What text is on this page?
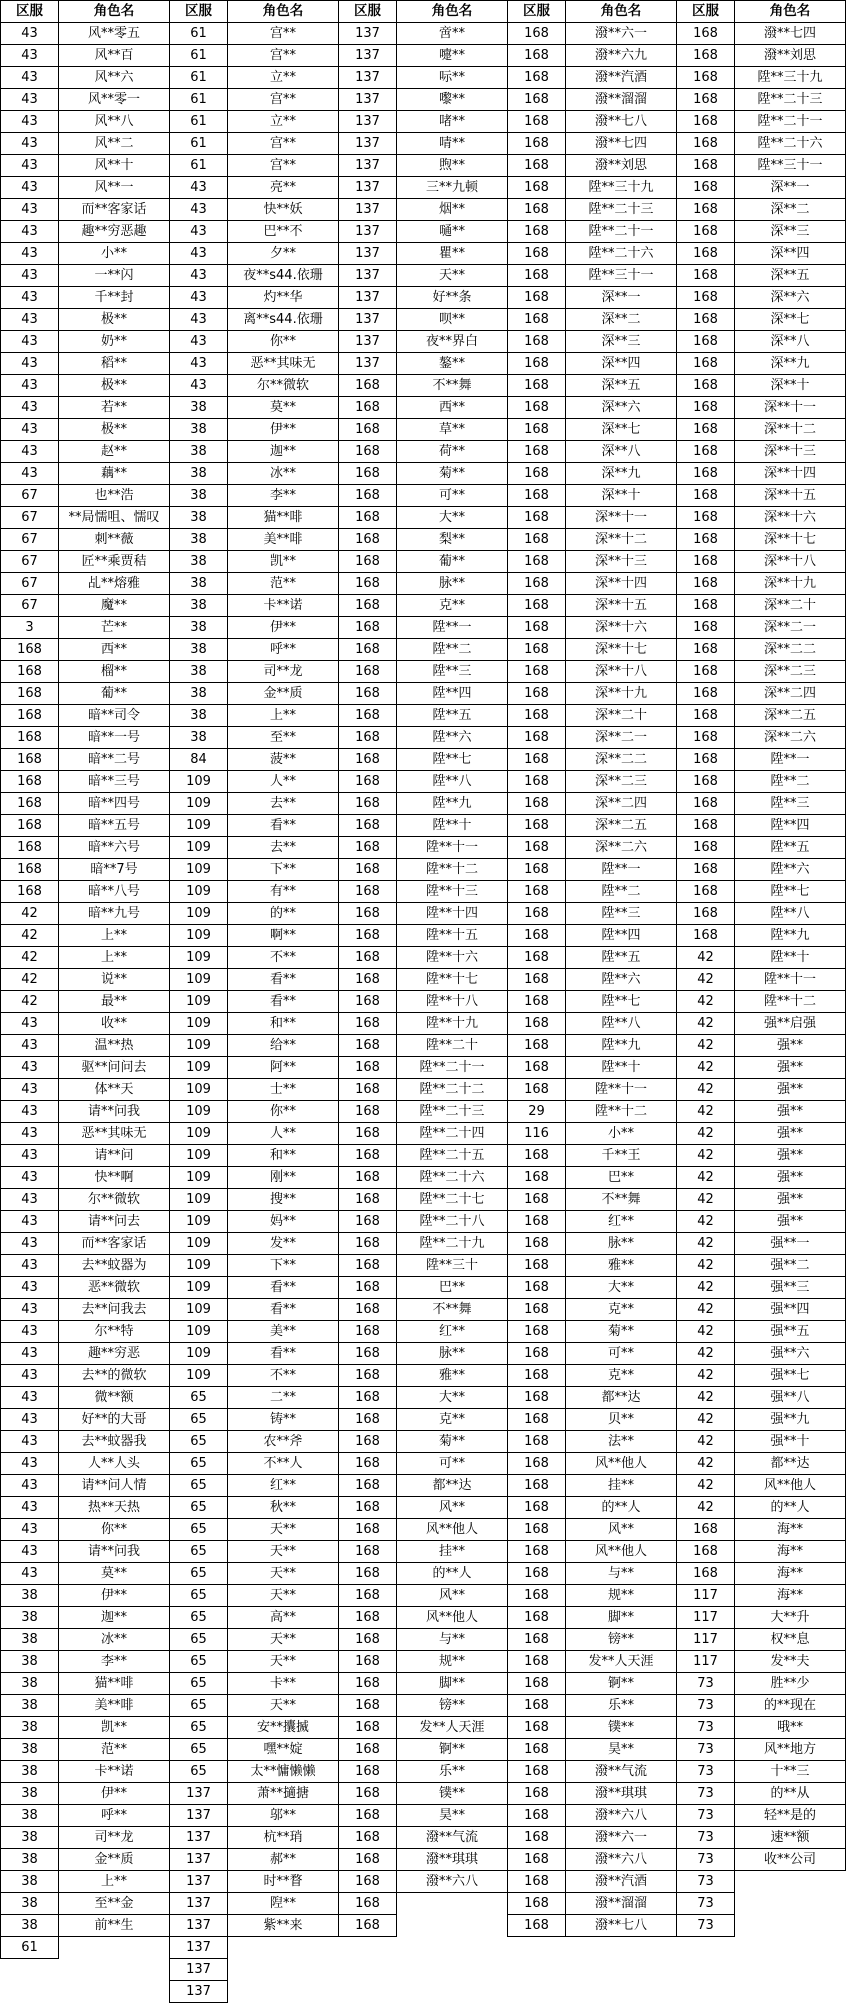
区服	角色名	区服	角色名	区服	角色名	区服	角色名	区服	角色名
43	风**零五	61	宫**	137	啻**	168	潑**六一	168	潑**七四
43	风**百	61	宫**	137	嚏**	168	潑**六九	168	潑**刘思
43	风**六	61	立**	137	呩**	168	潑**汽酒	168	陞**三十九
43	风**零一	61	宫**	137	嚟**	168	潑**溜溜	168	陞**二十三
43	风**八	61	立**	137	啫**	168	潑**七八	168	陞**二十一
43	风**二	61	宫**	137	啨**	168	潑**七四	168	陞**二十六
43	风**十	61	宫**	137	煦**	168	潑**刘思	168	陞**三十一
43	风**一	43	亮**	137	三**九顿	168	陞**三十九	168	深**一
43	而**客家话	43	快**妖	137	烟**	168	陞**二十三	168	深**二
43	趣**穷恶趣	43	巴**不	137	嗵**	168	陞**二十一	168	深**三
43	小**	43	夕**	137	瞿**	168	陞**二十六	168	深**四
43	一**闪	43	夜**s44.依珊	137	天**	168	陞**三十一	168	深**五
43	千**封	43	灼**华	137	好**条	168	深**一	168	深**六
43	极**	43	离**s44.依珊	137	呗**	168	深**二	168	深**七
43	奶**	43	你**	137	夜**界白	168	深**三	168	深**八
43	稻**	43	恶**其味无	137	鏊**	168	深**四	168	深**九
43	极**	43	尔**微软	168	不**舞	168	深**五	168	深**十
43	若**	38	莫**	168	西**	168	深**六	168	深**十一
43	极**	38	伊**	168	草**	168	深**七	168	深**十二
43	赵**	38	迦**	168	荷**	168	深**八	168	深**十三
43	藕**	38	冰**	168	菊**	168	深**九	168	深**十四
67	也**浩	38	李**	168	可**	168	深**十	168	深**十五
67	**局懦咀、懦叹	38	猫**啡	168	大**	168	深**十一	168	深**十六
67	刺**薇	38	美**啡	168	梨**	168	深**十二	168	深**十七
67	匠**乘贾秸	38	凯**	168	葡**	168	深**十三	168	深**十八
67	乩**熔雅	38	范**	168	脉**	168	深**十四	168	深**十九
67	魔**	38	卡**诺	168	克**	168	深**十五	168	深**二十
3	芒**	38	伊**	168	陞**一	168	深**十六	168	深**二一
168	西**	38	呼**	168	陞**二	168	深**十七	168	深**二二
168	榴**	38	司**龙	168	陞**三	168	深**十八	168	深**二三
168	葡**	38	金**质	168	陞**四	168	深**十九	168	深**二四
168	暗**司令	38	上**	168	陞**五	168	深**二十	168	深**二五
168	暗**一号	38	至**	168	陞**六	168	深**二一	168	深**二六
168	暗**二号	84	菠**	168	陞**七	168	深**二二	168	陞**一
168	暗**三号	109	人**	168	陞**八	168	深**二三	168	陞**二
168	暗**四号	109	去**	168	陞**九	168	深**二四	168	陞**三
168	暗**五号	109	看**	168	陞**十	168	深**二五	168	陞**四
168	暗**六号	109	去**	168	陞**十一	168	深**二六	168	陞**五
168	暗**7号	109	下**	168	陞**十二	168	陞**一	168	陞**六
168	暗**八号	109	有**	168	陞**十三	168	陞**二	168	陞**七
42	暗**九号	109	的**	168	陞**十四	168	陞**三	168	陞**八
42	上**	109	啊**	168	陞**十五	168	陞**四	168	陞**九
42	上**	109	不**	168	陞**十六	168	陞**五	42	陞**十
42	说**	109	看**	168	陞**十七	168	陞**六	42	陞**十一
42	最**	109	看**	168	陞**十八	168	陞**七	42	陞**十二
43	收**	109	和**	168	陞**十九	168	陞**八	42	强**启强
43	温**热	109	给**	168	陞**二十	168	陞**九	42	强**
43	驱**问问去	109	阿**	168	陞**二十一	168	陞**十	42	强**
43	体**天	109	士**	168	陞**二十二	168	陞**十一	42	强**
43	请**问我	109	你**	168	陞**二十三	29	陞**十二	42	强**
43	恶**其味无	109	人**	168	陞**二十四	116	小**	42	强**
43	请**问	109	和**	168	陞**二十五	168	千**王	42	强**
43	快**啊	109	刚**	168	陞**二十六	168	巴**	42	强**
43	尔**微软	109	搜**	168	陞**二十七	168	不**舞	42	强**
43	请**问去	109	妈**	168	陞**二十八	168	红**	42	强**
43	而**客家话	109	发**	168	陞**二十九	168	脉**	42	强**一
43	去**蚊器为	109	下**	168	陞**三十	168	雅**	42	强**二
43	恶**微软	109	看**	168	巴**	168	大**	42	强**三
43	去**问我去	109	看**	168	不**舞	168	克**	42	强**四
43	尔**特	109	美**	168	红**	168	菊**	42	强**五
43	趣**穷恶	109	看**	168	脉**	168	可**	42	强**六
43	去**的微软	109	不**	168	雅**	168	克**	42	强**七
43	微**额	65	二**	168	大**	168	都**达	42	强**八
43	好**的大哥	65	铸**	168	克**	168	贝**	42	强**九
43	去**蚊器我	65	农**斧	168	菊**	168	法**	42	强**十
43	人**人头	65	不**人	168	可**	168	风**他人	42	都**达
43	请**问人情	65	红**	168	都**达	168	挂**	42	风**他人
43	热**天热	65	秋**	168	风**	168	的**人	42	的**人
43	你**	65	天**	168	风**他人	168	风**	168	海**
43	请**问我	65	天**	168	挂**	168	风**他人	168	海**
43	莫**	65	天**	168	的**人	168	与**	168	海**
38	伊**	65	天**	168	风**	168	规**	117	海**
38	迦**	65	高**	168	风**他人	168	脚**	117	大**升
38	冰**	65	天**	168	与**	168	镑**	117	权**息
38	李**	65	天**	168	规**	168	发**人天涯	117	发**夫
38	猫**啡	65	卡**	168	脚**	168	锕**	73	胜**少
38	美**啡	65	天**	168	镑**	168	乐**	73	的**现在
38	凯**	65	安**攮揻	168	发**人天涯	168	镤**	73	哦**
38	范**	65	嘿**婝	168	锕**	168	昊**	73	风**地方
38	卡**诺	65	太**慵懒懒	168	乐**	168	潑**气流	73	十**三
38	伊**	137	萧**擿搪	168	镤**	168	潑**琪琪	73	的**从
38	呼**	137	邬**	168	昊**	168	潑**六八	73	轻**是的
38	司**龙	137	杭**琑	168	潑**气流	168	潑**六一	73	速**额
38	金**质	137	郝**	168	潑**琪琪	168	潑**六八	73	收**公司
38	上**	137	时**瞀	168	潑**六八	168	潑**汽酒	73	
38	至**金	137	隉**	168		168	潑**溜溜	73	
38	前**生	137	紫**来	168		168	潑**七八	73	
61		137							
		137							
		137							
